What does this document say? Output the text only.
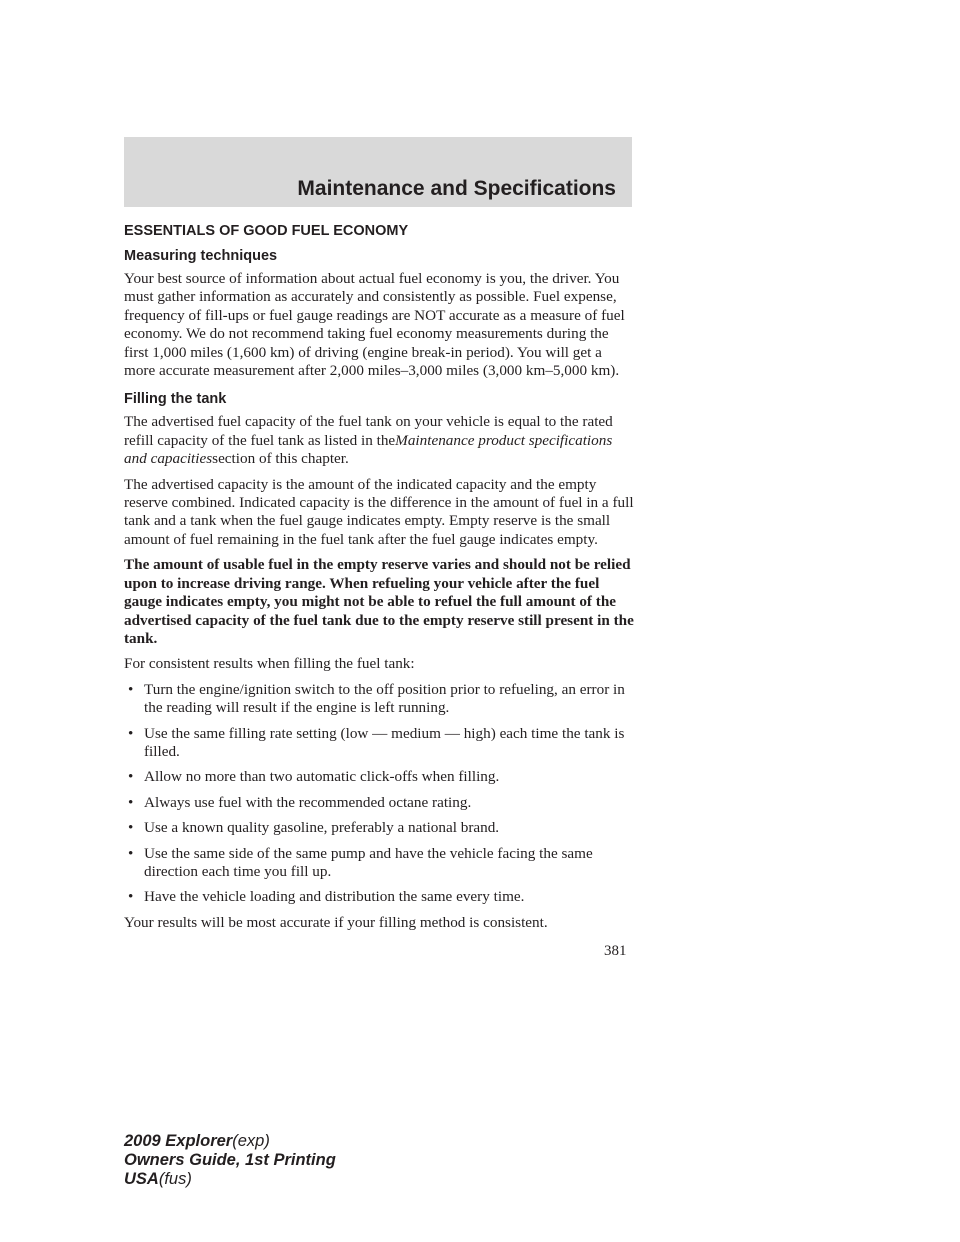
Maintenance and Specifications
ESSENTIALS OF GOOD FUEL ECONOMY
Measuring techniques

Your best source of information about actual fuel economy is you, the driver. You must gather information as accurately and consistently as possible. Fuel expense, frequency of fill-ups or fuel gauge readings are NOT accurate as a measure of fuel economy. We do not recommend taking fuel economy measurements during the first 1,000 miles (1,600 km) of driving (engine break-in period). You will get a more accurate measurement after 2,000 miles–3,000 miles (3,000 km–5,000 km).

Filling the tank

The advertised fuel capacity of the fuel tank on your vehicle is equal to the rated refill capacity of the fuel tank as listed in theMaintenance product specifications and capacitiessection of this chapter.

The advertised capacity is the amount of the indicated capacity and the empty reserve combined. Indicated capacity is the difference in the amount of fuel in a full tank and a tank when the fuel gauge indicates empty. Empty reserve is the small amount of fuel remaining in the fuel tank after the fuel gauge indicates empty.

The amount of usable fuel in the empty reserve varies and should not be relied upon to increase driving range. When refueling your vehicle after the fuel gauge indicates empty, you might not be able to refuel the full amount of the advertised capacity of the fuel tank due to the empty reserve still present in the tank.

For consistent results when filling the fuel tank:

• Turn the engine/ignition switch to the off position prior to refueling, an error in the reading will result if the engine is left running.
• Use the same filling rate setting (low — medium — high) each time the tank is filled.
• Allow no more than two automatic click-offs when filling.
• Always use fuel with the recommended octane rating.
• Use a known quality gasoline, preferably a national brand.
• Use the same side of the same pump and have the vehicle facing the same direction each time you fill up.
• Have the vehicle loading and distribution the same every time.

Your results will be most accurate if your filling method is consistent.

381
2009 Explorer(exp)
Owners Guide, 1st Printing
USA(fus)
